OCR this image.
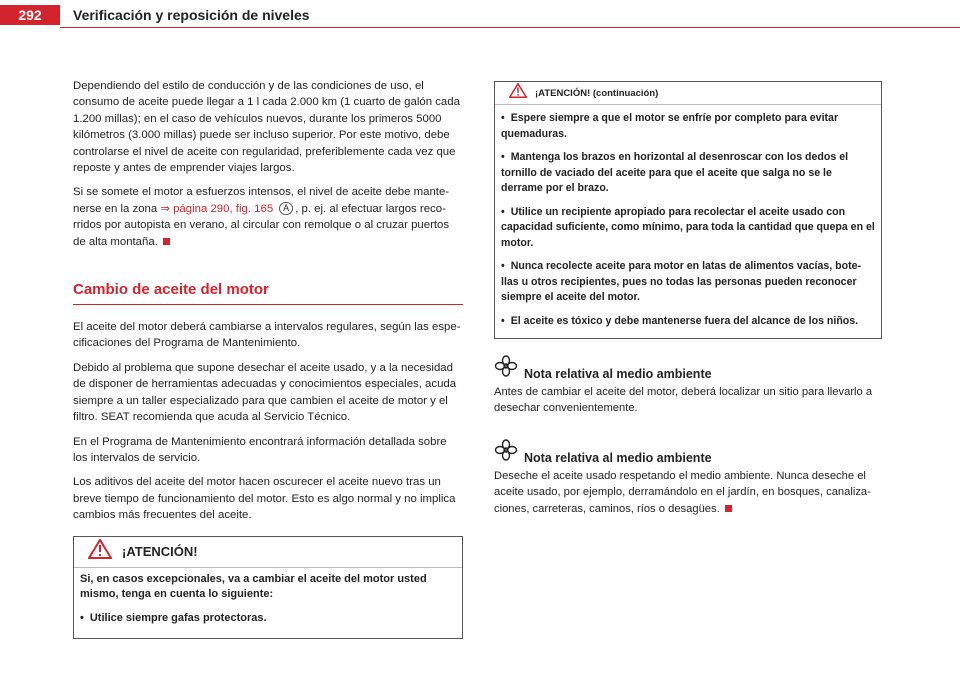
292	Verificación y reposición de niveles

Dependiendo del estilo de conducción y de las condiciones de uso, el consumo de aceite puede llegar a 1 l cada 2.000 km (1 cuarto de galón cada 1.200 millas); en el caso de vehículos nuevos, durante los primeros 5000 kilómetros (3.000 millas) puede ser incluso superior. Por este motivo, debe controlarse el nivel de aceite con regularidad, preferiblemente cada vez que reposte y antes de emprender viajes largos.

Si se somete el motor a esfuerzos intensos, el nivel de aceite debe mante-nerse en la zona ⇒ página 290, fig. 165 A , p. ej. al efectuar largos reco-rridos por autopista en verano, al circular con remolque o al cruzar puertos de alta montaña.

Cambio de aceite del motor

El aceite del motor deberá cambiarse a intervalos regulares, según las espe-cificaciones del Programa de Mantenimiento.

Debido al problema que supone desechar el aceite usado, y a la necesidad de disponer de herramientas adecuadas y conocimientos especiales, acuda siempre a un taller especializado para que cambien el aceite de motor y el filtro. SEAT recomienda que acuda al Servicio Técnico.

En el Programa de Mantenimiento encontrará información detallada sobre los intervalos de servicio.

Los aditivos del aceite del motor hacen oscurecer el aceite nuevo tras un breve tiempo de funcionamiento del motor. Esto es algo normal y no implica cambios más frecuentes del aceite.

¡ATENCIÓN!

Si, en casos excepcionales, va a cambiar el aceite del motor usted mismo, tenga en cuenta lo siguiente:

• Utilice siempre gafas protectoras.

¡ATENCIÓN! (continuación)

• Espere siempre a que el motor se enfríe por completo para evitar quemaduras.

• Mantenga los brazos en horizontal al desenroscar con los dedos el tornillo de vaciado del aceite para que el aceite que salga no se le derrame por el brazo.

• Utilice un recipiente apropiado para recolectar el aceite usado con capacidad suficiente, como mínimo, para toda la cantidad que quepa en el motor.

• Nunca recolecte aceite para motor en latas de alimentos vacías, bote-llas u otros recipientes, pues no todas las personas pueden reconocer siempre el aceite del motor.

• El aceite es tóxico y debe mantenerse fuera del alcance de los niños.

Nota relativa al medio ambiente

Antes de cambiar el aceite del motor, deberá localizar un sitio para llevarlo a desechar convenientemente.

Nota relativa al medio ambiente

Deseche el aceite usado respetando el medio ambiente. Nunca deseche el aceite usado, por ejemplo, derramándolo en el jardín, en bosques, canaliza-ciones, carreteras, caminos, ríos o desagües.
